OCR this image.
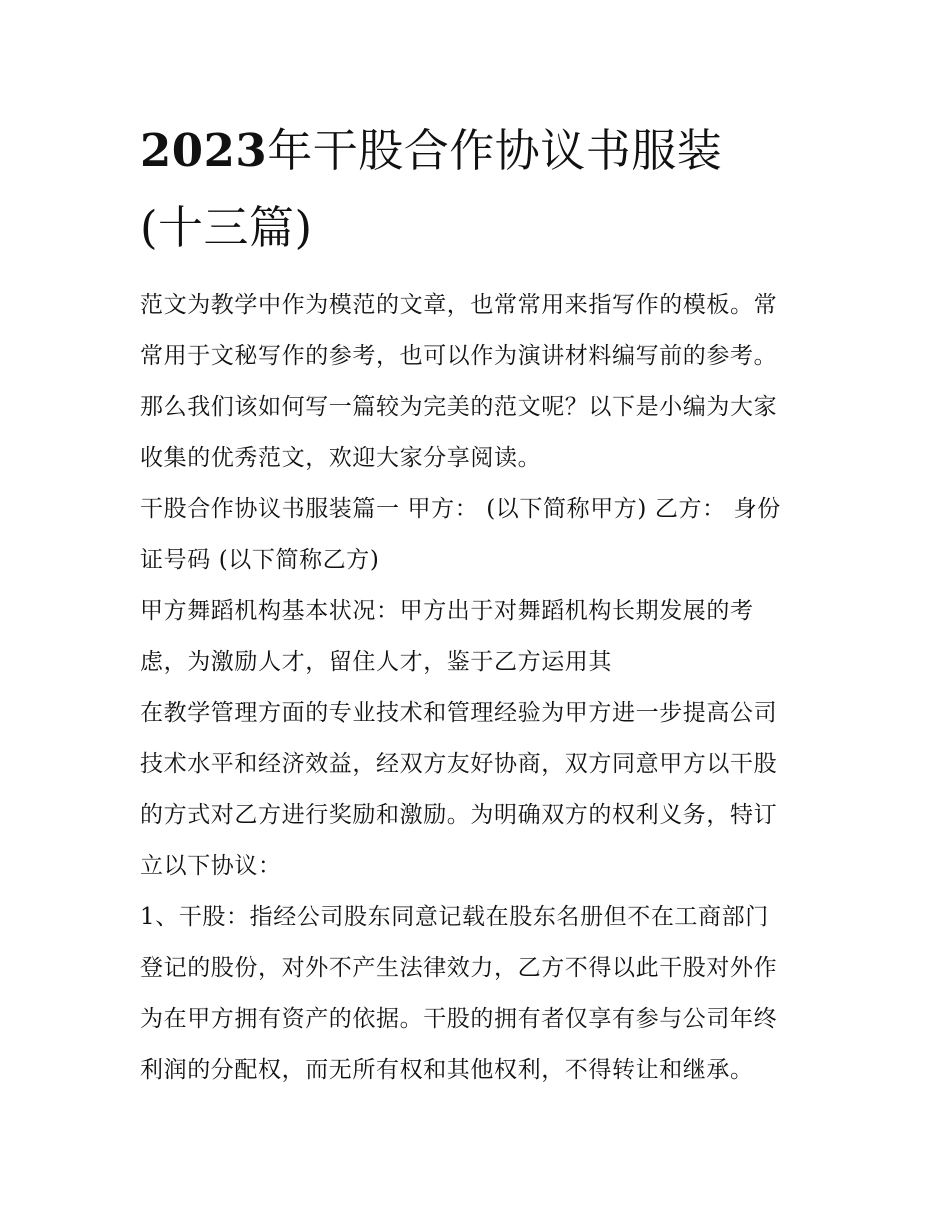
2023年干股合作协议书服装
(十三篇)

范文为教学中作为模范的文章，也常常用来指写作的模板。常
常用于文秘写作的参考，也可以作为演讲材料编写前的参考。
那么我们该如何写一篇较为完美的范文呢？以下是小编为大家
收集的优秀范文，欢迎大家分享阅读。

干股合作协议书服装篇一 甲方： (以下简称甲方) 乙方： 身份
证号码 (以下简称乙方)

甲方舞蹈机构基本状况：甲方出于对舞蹈机构长期发展的考
虑，为激励人才，留住人才，鉴于乙方运用其

在教学管理方面的专业技术和管理经验为甲方进一步提高公司
技术水平和经济效益，经双方友好协商，双方同意甲方以干股
的方式对乙方进行奖励和激励。为明确双方的权利义务，特订
立以下协议：

1、干股：指经公司股东同意记载在股东名册但不在工商部门
登记的股份，对外不产生法律效力，乙方不得以此干股对外作
为在甲方拥有资产的依据。干股的拥有者仅享有参与公司年终
利润的分配权，而无所有权和其他权利，不得转让和继承。
